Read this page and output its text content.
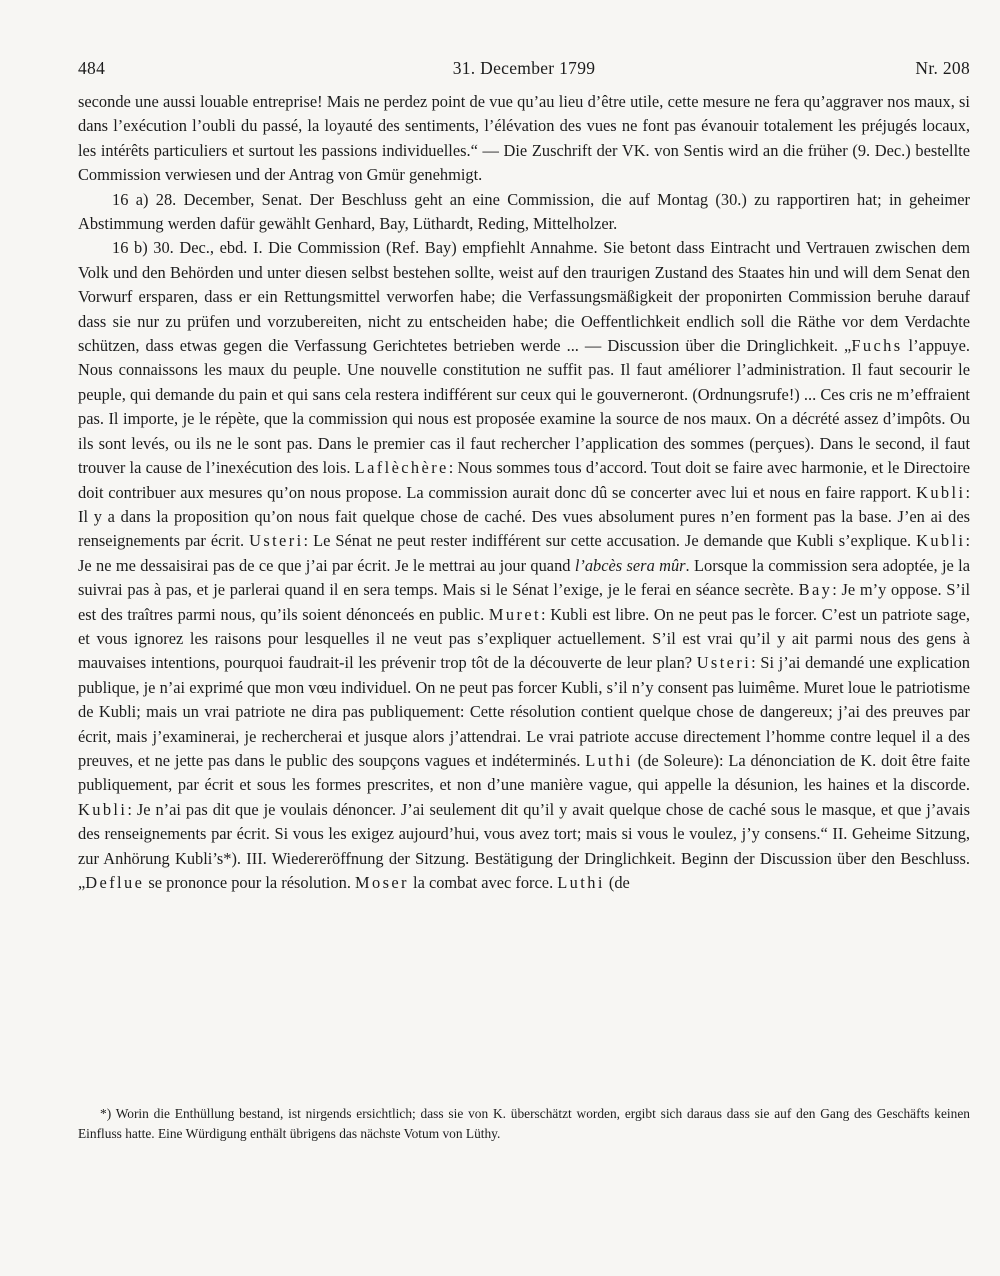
484	31. December 1799	Nr. 208

seconde une aussi louable entreprise! Mais ne perdez point de vue qu’au lieu d’être utile, cette mesure ne fera qu’aggraver nos maux, si dans l’exécution l’oubli du passé, la loyauté des sentiments, l’élévation des vues ne font pas évanouir totalement les préjugés locaux, les intérêts particuliers et surtout les passions individuelles.“ — Die Zuschrift der VK. von Sentis wird an die früher (9. Dec.) bestellte Commission verwiesen und der Antrag von Gmür genehmigt.

16 a) 28. December, Senat. Der Beschluss geht an eine Commission, die auf Montag (30.) zu rapportiren hat; in geheimer Abstimmung werden dafür gewählt Genhard, Bay, Lüthardt, Reding, Mittelholzer.

16 b) 30. Dec., ebd. I. Die Commission (Ref. Bay) empfiehlt Annahme. Sie betont dass Eintracht und Vertrauen zwischen dem Volk und den Behörden und unter diesen selbst bestehen sollte, weist auf den traurigen Zustand des Staates hin und will dem Senat den Vorwurf ersparen, dass er ein Rettungsmittel verworfen habe; die Verfassungsmäßigkeit der proponirten Commission beruhe darauf dass sie nur zu prüfen und vorzubereiten, nicht zu entscheiden habe; die Oeffentlichkeit endlich soll die Räthe vor dem Verdachte schützen, dass etwas gegen die Verfassung Gerichtetes betrieben werde ... — Discussion über die Dringlichkeit. „Fuchs l’appuye. Nous connaissons les maux du peuple. Une nouvelle constitution ne suffit pas. Il faut améliorer l’administration. Il faut secourir le peuple, qui demande du pain et qui sans cela restera indifférent sur ceux qui le gouverneront. (Ordnungsrufe!) ... Ces cris ne m’effraient pas. Il importe, je le répète, que la commission qui nous est proposée examine la source de nos maux. On a décrété assez d’impôts. Ou ils sont levés, ou ils ne le sont pas. Dans le premier cas il faut rechercher l’application des sommes (perçues). Dans le second, il faut trouver la cause de l’inexécution des lois. Laflèchère: Nous sommes tous d’accord. Tout doit se faire avec harmonie, et le Directoire doit contribuer aux mesures qu’on nous propose. La commission aurait donc dû se concerter avec lui et nous en faire rapport. Kubli: Il y a dans la proposition qu’on nous fait quelque chose de caché. Des vues absolument pures n’en forment pas la base. J’en ai des renseignements par écrit. Usteri: Le Sénat ne peut rester indifférent sur cette accusation. Je demande que Kubli s’explique. Kubli: Je ne me dessaisirai pas de ce que j’ai par écrit. Je le mettrai au jour quand l’abcès sera mûr. Lorsque la commission sera adoptée, je la suivrai pas à pas, et je parlerai quand il en sera temps. Mais si le Sénat l’exige, je le ferai en séance secrète. Bay: Je m’y oppose. S’il est des traîtres parmi nous, qu’ils soient dénonceés en public. Muret: Kubli est libre. On ne peut pas le forcer. C’est un patriote sage, et vous ignorez les raisons pour lesquelles il ne veut pas s’expliquer actuellement. S’il est vrai qu’il y ait parmi nous des gens à mauvaises intentions, pourquoi faudrait-il les prévenir trop tôt de la découverte de leur plan? Usteri: Si j’ai demandé une explication publique, je n’ai exprimé que mon vœu individuel. On ne peut pas forcer Kubli, s’il n’y consent pas luimême. Muret loue le patriotisme de Kubli; mais un vrai patriote ne dira pas publiquement: Cette résolution contient quelque chose de dangereux; j’ai des preuves par écrit, mais j’examinerai, je rechercherai et jusque alors j’attendrai. Le vrai patriote accuse directement l’homme contre lequel il a des preuves, et ne jette pas dans le public des soupçons vagues et indéterminés. Luthi (de Soleure): La dénonciation de K. doit être faite publiquement, par écrit et sous les formes prescrites, et non d’une manière vague, qui appelle la désunion, les haines et la discorde. Kubli: Je n’ai pas dit que je voulais dénoncer. J’ai seulement dit qu’il y avait quelque chose de caché sous le masque, et que j’avais des renseignements par écrit. Si vous les exigez aujourd’hui, vous avez tort; mais si vous le voulez, j’y consens.“ II. Geheime Sitzung, zur Anhörung Kubli’s*). III. Wiedereröffnung der Sitzung. Bestätigung der Dringlichkeit. Beginn der Discussion über den Beschluss. „Deflue se prononce pour la résolution. Moser la combat avec force. Luthi (de

*) Worin die Enthüllung bestand, ist nirgends ersichtlich; dass sie von K. überschätzt worden, ergibt sich daraus dass sie auf den Gang des Geschäfts keinen Einfluss hatte. Eine Würdigung enthält übrigens das nächste Votum von Lüthy.
